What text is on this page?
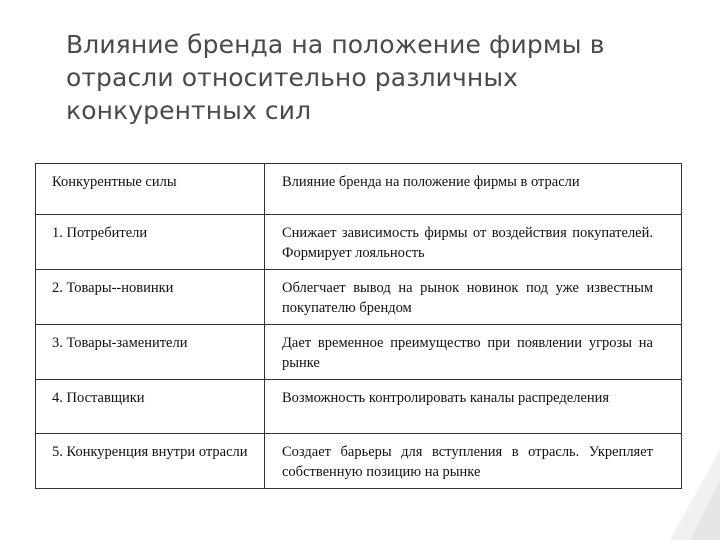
Влияние бренда на положение фирмы в отрасли относительно различных конкурентных сил
Конкурентные силы	Влияние бренда на положение фирмы в отрасли

1. Потребители	Снижает зависимость фирмы от воздействия покупателей. Формирует лояльность

2. Товары--новинки	Облегчает вывод на рынок новинок под уже известным покупателю брендом

3. Товары-заменители	Дает временное преимущество при появлении угрозы на рынке

4. Поставщики	Возможность контролировать каналы распределения

5. Конкуренция внутри отрасли	Создает барьеры для вступления в отрасль. Укрепляет собственную позицию на рынке
